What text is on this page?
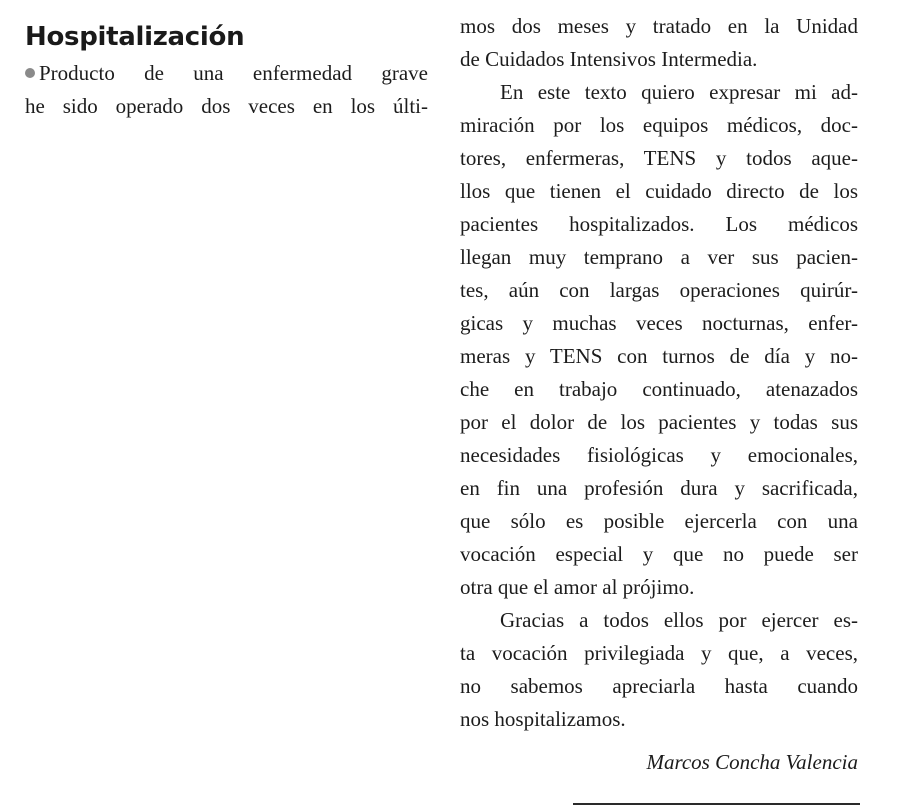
Hospitalización
Producto de una enfermedad grave
he sido operado dos veces en los últi-
mos dos meses y tratado en la Unidad
de Cuidados Intensivos Intermedia.
En este texto quiero expresar mi ad-
miración por los equipos médicos, doc-
tores, enfermeras, TENS y todos aque-
llos que tienen el cuidado directo de los
pacientes hospitalizados. Los médicos
llegan muy temprano a ver sus pacien-
tes, aún con largas operaciones quirúr-
gicas y muchas veces nocturnas, enfer-
meras y TENS con turnos de día y no-
che en trabajo continuado, atenazados
por el dolor de los pacientes y todas sus
necesidades fisiológicas y emocionales,
en fin una profesión dura y sacrificada,
que sólo es posible ejercerla con una
vocación especial y que no puede ser
otra que el amor al prójimo.
Gracias a todos ellos por ejercer es-
ta vocación privilegiada y que, a veces,
no sabemos apreciarla hasta cuando
nos hospitalizamos.
Marcos Concha Valencia
